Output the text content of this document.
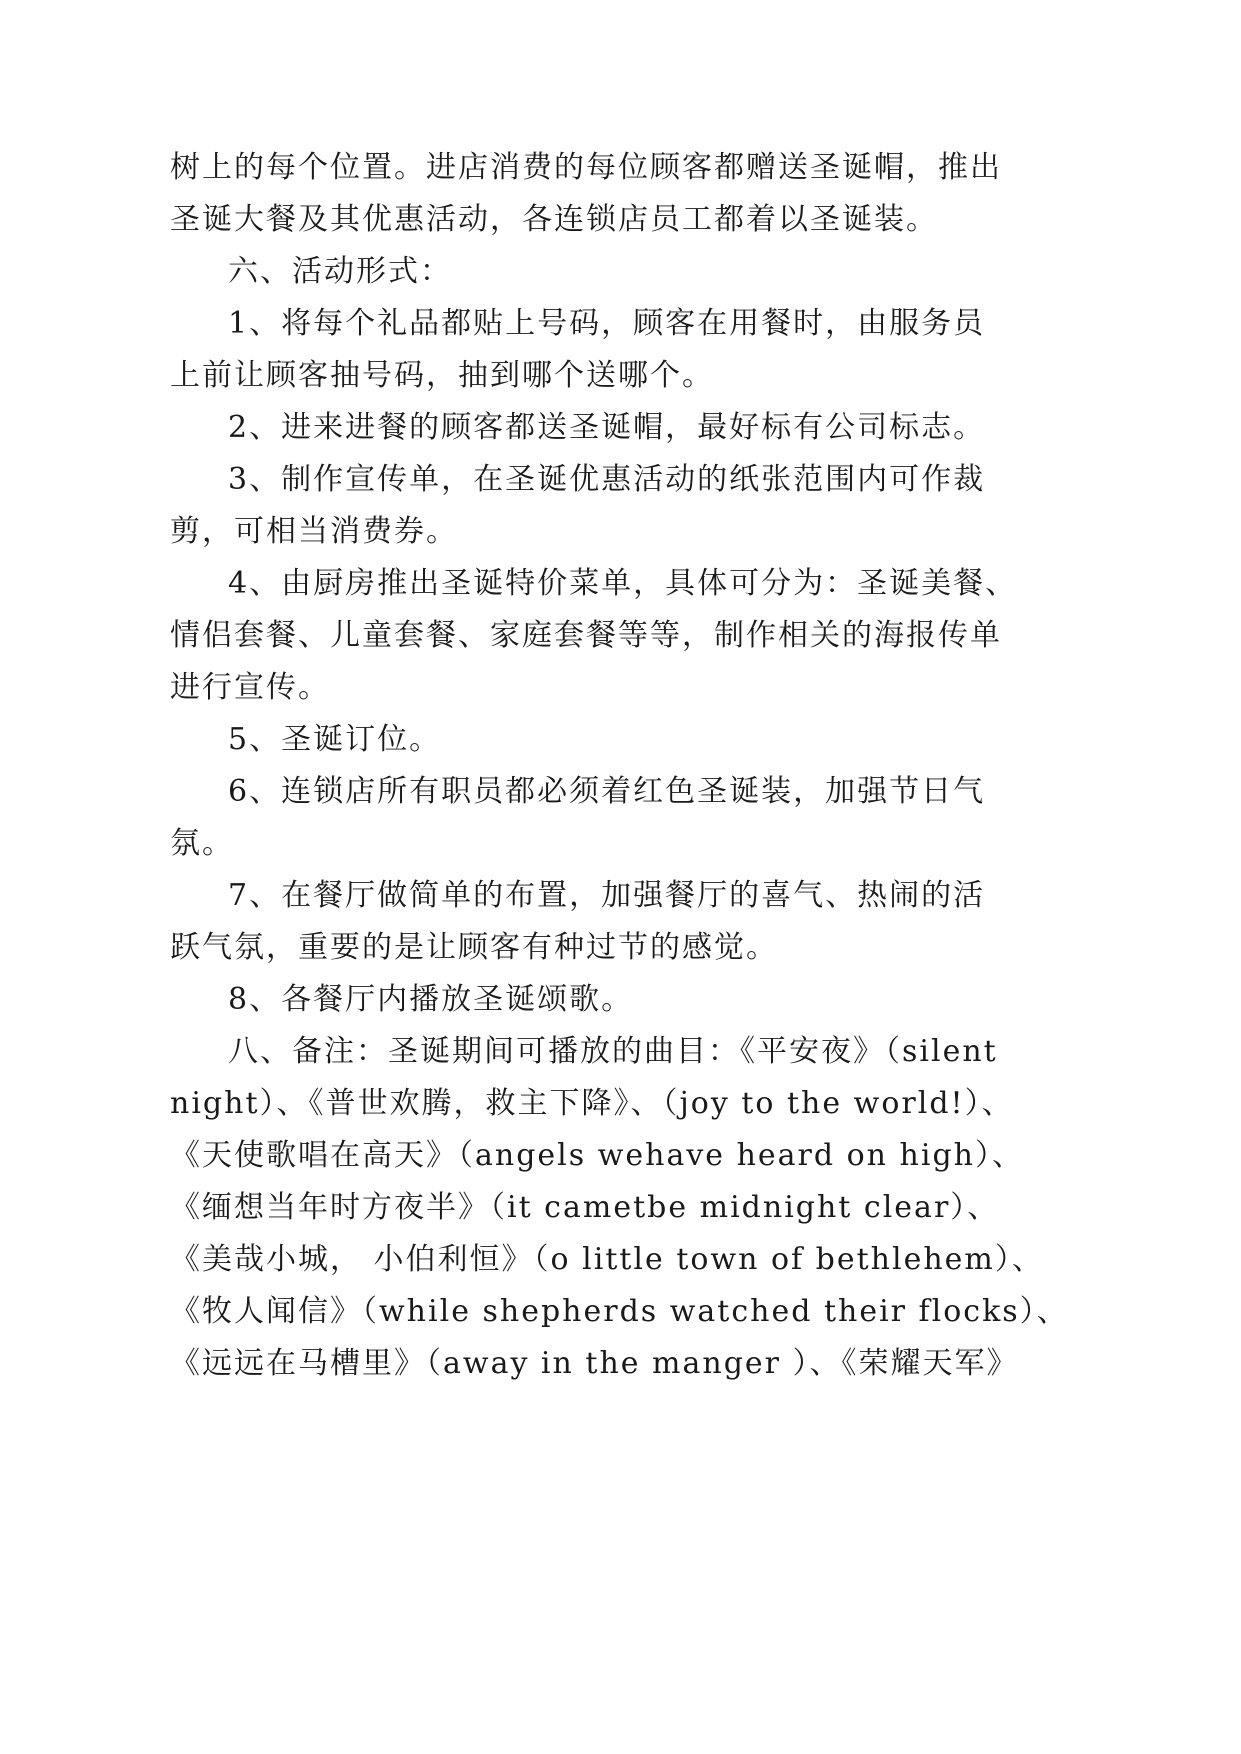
树上的每个位置。进店消费的每位顾客都赠送圣诞帽，推出
圣诞大餐及其优惠活动，各连锁店员工都着以圣诞装。
六、活动形式：
1、将每个礼品都贴上号码，顾客在用餐时，由服务员
上前让顾客抽号码，抽到哪个送哪个。
2、进来进餐的顾客都送圣诞帽，最好标有公司标志。
3、制作宣传单，在圣诞优惠活动的纸张范围内可作裁
剪，可相当消费券。
4、由厨房推出圣诞特价菜单，具体可分为：圣诞美餐、
情侣套餐、儿童套餐、家庭套餐等等，制作相关的海报传单
进行宣传。
5、圣诞订位。
6、连锁店所有职员都必须着红色圣诞装，加强节日气
氛。
7、在餐厅做简单的布置，加强餐厅的喜气、热闹的活
跃气氛，重要的是让顾客有种过节的感觉。
8、各餐厅内播放圣诞颂歌。
八、备注：圣诞期间可播放的曲目：《平安夜》（silent
night）、《普世欢腾，救主下降》、（joy to the world!）、
《天使歌唱在高天》（angels wehave heard on high）、
《缅想当年时方夜半》（it cametbe midnight clear）、
《美哉小城， 小伯利恒》（o little town of bethlehem）、
《牧人闻信》（while shepherds watched their flocks）、
《远远在马槽里》（away in the manger ）、《荣耀天军》
